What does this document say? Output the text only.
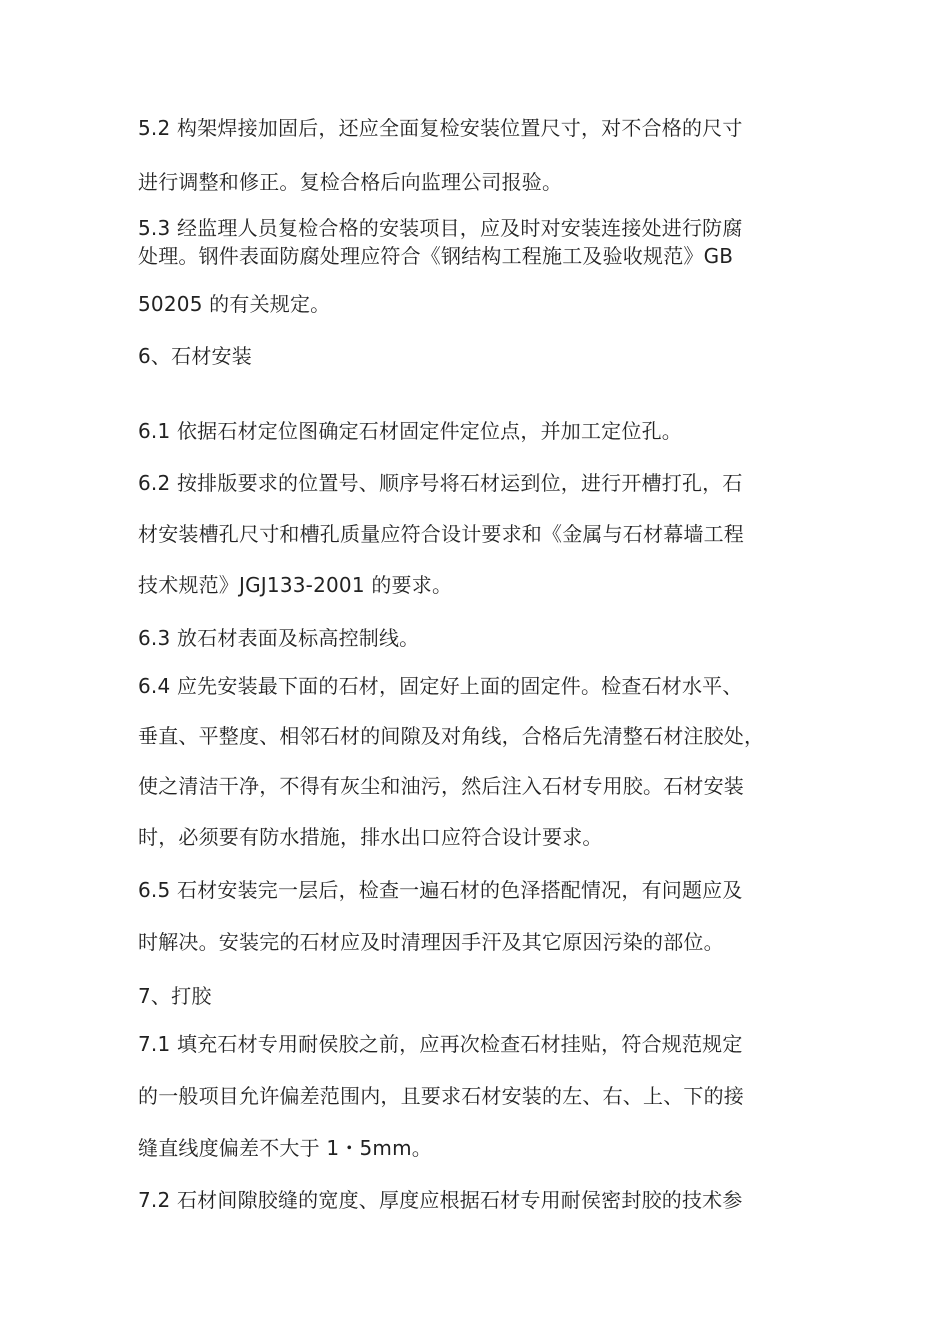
5.2 构架焊接加固后，还应全面复检安装位置尺寸，对不合格的尺寸
进行调整和修正。复检合格后向监理公司报验。
5.3 经监理人员复检合格的安装项目，应及时对安装连接处进行防腐
处理。钢件表面防腐处理应符合《钢结构工程施工及验收规范》GB
50205 的有关规定。
6、石材安装
6.1 依据石材定位图确定石材固定件定位点，并加工定位孔。
6.2 按排版要求的位置号、顺序号将石材运到位，进行开槽打孔，石
材安装槽孔尺寸和槽孔质量应符合设计要求和《金属与石材幕墙工程
技术规范》JGJ133-2001 的要求。
6.3 放石材表面及标高控制线。
6.4 应先安装最下面的石材，固定好上面的固定件。检查石材水平、
垂直、平整度、相邻石材的间隙及对角线，合格后先清整石材注胶处，
使之清洁干净，不得有灰尘和油污，然后注入石材专用胶。石材安装
时，必须要有防水措施，排水出口应符合设计要求。
6.5 石材安装完一层后，检查一遍石材的色泽搭配情况，有问题应及
时解决。安装完的石材应及时清理因手汗及其它原因污染的部位。
7、打胶
7.1 填充石材专用耐侯胶之前，应再次检查石材挂贴，符合规范规定
的一般项目允许偏差范围内，且要求石材安装的左、右、上、下的接
缝直线度偏差不大于 1・5mm。
7.2 石材间隙胶缝的宽度、厚度应根据石材专用耐侯密封胶的技术参
